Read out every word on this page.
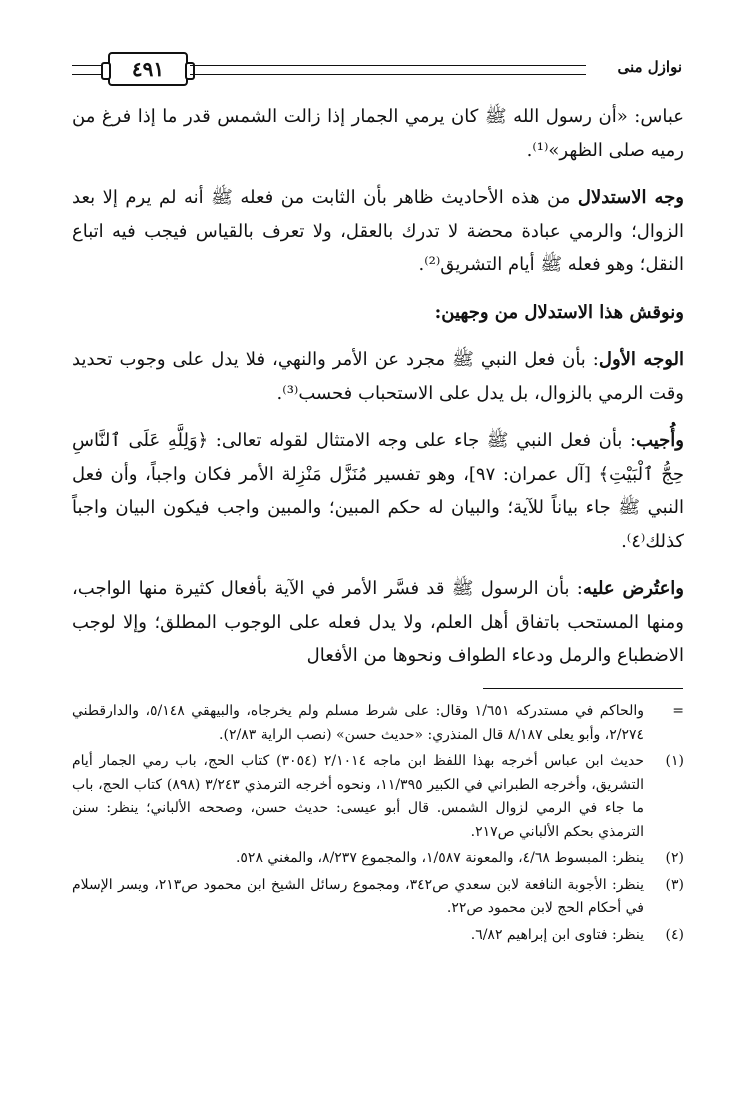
٤٩١	نوازل منى

عباس: «أن رسول الله ﷺ كان يرمي الجمار إذا زالت الشمس قدر ما إذا فرغ من رميه صلى الظهر»⁽¹⁾.

وجه الاستدلال من هذه الأحاديث ظاهر بأن الثابت من فعله ﷺ أنه لم يرم إلا بعد الزوال؛ والرمي عبادة محضة لا تدرك بالعقل، ولا تعرف بالقياس فيجب فيه اتباع النقل؛ وهو فعله ﷺ أيام التشريق⁽²⁾.

ونوقش هذا الاستدلال من وجهين:

الوجه الأول: بأن فعل النبي ﷺ مجرد عن الأمر والنهي، فلا يدل على وجوب تحديد وقت الرمي بالزوال، بل يدل على الاستحباب فحسب⁽³⁾.

وأُجيب: بأن فعل النبي ﷺ جاء على وجه الامتثال لقوله تعالى: ﴿وَلِلَّهِ عَلَى ٱلنَّاسِ حِجُّ ٱلْبَيْتِ﴾ [آل عمران: ٩٧]، وهو تفسير مُنَزَّل مَنْزِلة الأمر فكان واجباً، وأن فعل النبي ﷺ جاء بياناً للآية؛ والبيان له حكم المبين؛ والمبين واجب فيكون البيان واجباً كذلك⁽٤⁾.

واعتُرض عليه: بأن الرسول ﷺ قد فسَّر الأمر في الآية بأفعال كثيرة منها الواجب، ومنها المستحب باتفاق أهل العلم، ولا يدل فعله على الوجوب المطلق؛ وإلا لوجب الاضطباع والرمل ودعاء الطواف ونحوها من الأفعال

=
والحاكم في مستدركه ١/٦٥١ وقال: على شرط مسلم ولم يخرجاه، والبيهقي ٥/١٤٨، والدارقطني ٢/٢٧٤، وأبو يعلى ٨/١٨٧ قال المنذري: «حديث حسن» (نصب الراية ٢/٨٣).
(١)
حديث ابن عباس أخرجه بهذا اللفظ ابن ماجه ٢/١٠١٤ (٣٠٥٤) كتاب الحج، باب رمي الجمار أيام التشريق، وأخرجه الطبراني في الكبير ١١/٣٩٥، ونحوه أخرجه الترمذي ٣/٢٤٣ (٨٩٨) كتاب الحج، باب ما جاء في الرمي لزوال الشمس. قال أبو عيسى: حديث حسن، وصححه الألباني؛ ينظر: سنن الترمذي بحكم الألباني ص٢١٧.
(٢)
ينظر: المبسوط ٤/٦٨، والمعونة ١/٥٨٧، والمجموع ٨/٢٣٧، والمغني ٥٢٨.
(٣)
ينظر: الأجوبة النافعة لابن سعدي ص٣٤٢، ومجموع رسائل الشيخ ابن محمود ص٢١٣، ويسر الإسلام في أحكام الحج لابن محمود ص٢٢.
(٤)
ينظر: فتاوى ابن إبراهيم ٦/٨٢.
